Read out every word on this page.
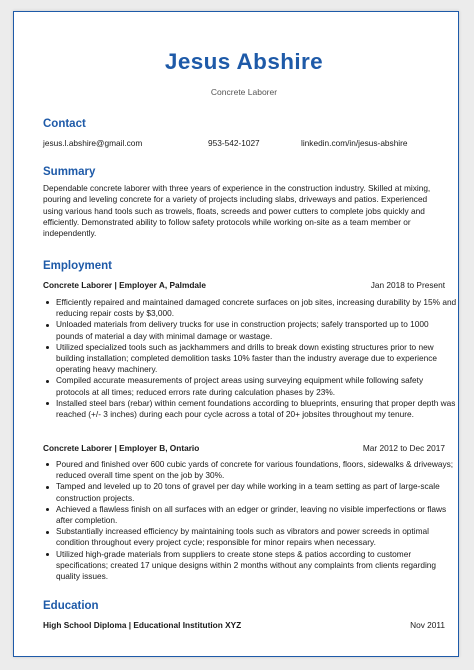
Jesus Abshire
Concrete Laborer
Contact
jesus.l.abshire@gmail.com	953-542-1027	linkedin.com/in/jesus-abshire
Summary

Dependable concrete laborer with three years of experience in the construction industry. Skilled at mixing, pouring and leveling concrete for a variety of projects including slabs, driveways and patios. Experienced using various hand tools such as trowels, floats, screeds and power cutters to complete jobs quickly and efficiently. Demonstrated ability to follow safety protocols while working on-site as a team member or independently.

Employment
Concrete Laborer | Employer A, Palmdale	Jan 2018 to Present
Efficiently repaired and maintained damaged concrete surfaces on job sites, increasing durability by 15% and reducing repair costs by $3,000.
Unloaded materials from delivery trucks for use in construction projects; safely transported up to 1000 pounds of material a day with minimal damage or wastage.
Utilized specialized tools such as jackhammers and drills to break down existing structures prior to new building installation; completed demolition tasks 10% faster than the industry average due to experience operating heavy machinery.
Compiled accurate measurements of project areas using surveying equipment while following safety protocols at all times; reduced errors rate during calculation phases by 23%.
Installed steel bars (rebar) within cement foundations according to blueprints, ensuring that proper depth was reached (+/- 3 inches) during each pour cycle across a total of 20+ jobsites throughout my tenure.
Concrete Laborer | Employer B, Ontario	Mar 2012 to Dec 2017
Poured and finished over 600 cubic yards of concrete for various foundations, floors, sidewalks & driveways; reduced overall time spent on the job by 30%.
Tamped and leveled up to 20 tons of gravel per day while working in a team setting as part of large-scale construction projects.
Achieved a flawless finish on all surfaces with an edger or grinder, leaving no visible imperfections or flaws after completion.
Substantially increased efficiency by maintaining tools such as vibrators and power screeds in optimal condition throughout every project cycle; responsible for minor repairs when necessary.
Utilized high-grade materials from suppliers to create stone steps & patios according to customer specifications; created 17 unique designs within 2 months without any complaints from clients regarding quality issues.
Education
High School Diploma | Educational Institution XYZ	Nov 2011
